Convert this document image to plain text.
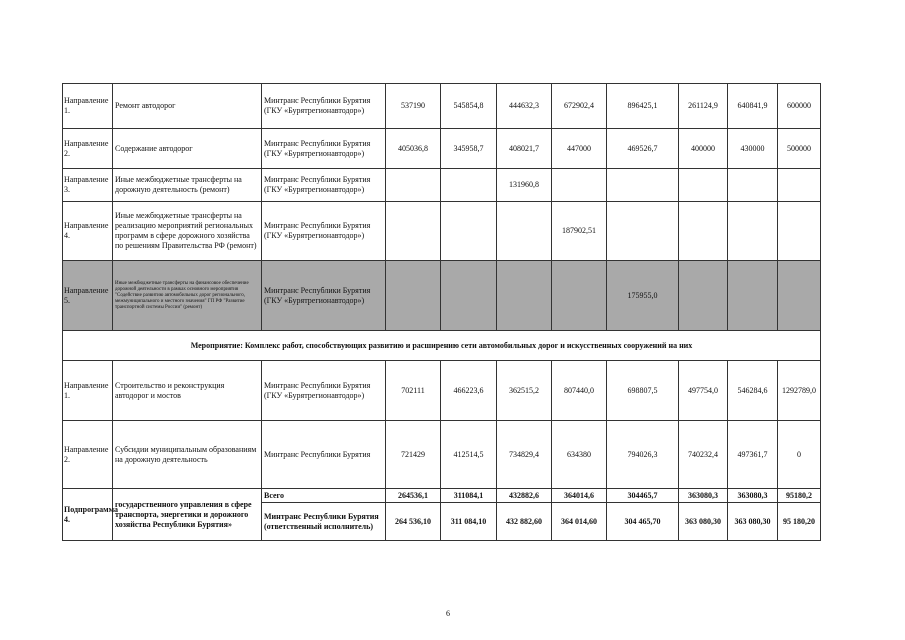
Направление 1.	Ремонт автодорог	Минтранс Республики Бурятия (ГКУ «Бурятрегионавтодор»)	537190	545854,8	444632,3	672902,4	896425,1	261124,9	640841,9	600000
Направление 2.	Содержание автодорог	Минтранс Республики Бурятия (ГКУ «Бурятрегионавтодор»)	405036,8	345958,7	408021,7	447000	469526,7	400000	430000	500000
Направление 3.	Иные межбюджетные трансферты на дорожную деятельность (ремонт)	Минтранс Республики Бурятия (ГКУ «Бурятрегионавтодор»)			131960,8					
Направление 4.	Иные межбюджетные трансферты на реализацию мероприятий региональных программ в сфере дорожного хозяйства по решениям Правительства РФ (ремонт)	Минтранс Республики Бурятия (ГКУ «Бурятрегионавтодор»)				187902,51				
Направление 5.	Иные межбюджетные трансферты на финансовое обеспечение дорожной деятельности в рамках основного мероприятия "Содействие развитию автомобильных дорог регионального, межмуниципального и местного значения" ГП РФ "Развитие транспортной системы России" (ремонт)	Минтранс Республики Бурятия (ГКУ «Бурятрегионавтодор»)					175955,0			
Мероприятие: Комплекс работ, способствующих развитию и расширению сети автомобильных дорог и искусственных сооружений на них										
Направление 1.	Строительство и реконструкция автодорог и мостов	Минтранс Республики Бурятия (ГКУ «Бурятрегионавтодор»)	702111	466223,6	362515,2	807440,0	698807,5	497754,0	546284,6	1292789,0
Направление 2.	Субсидии муниципальным образованиям на дорожную деятельность	Минтранс Республики Бурятия	721429	412514,5	734829,4	634380	794026,3	740232,4	497361,7	0
Подпрограмма 4.	государственного управления в сфере транспорта, энергетики и дорожного хозяйства Республики Бурятия»	Всего	264536,1	311084,1	432882,6	364014,6	304465,7	363080,3	363080,3	95180,2
		Минтранс Республики Бурятия (ответственный исполнитель)	264 536,10	311 084,10	432 882,60	364 014,60	304 465,70	363 080,30	363 080,30	95 180,20
6
